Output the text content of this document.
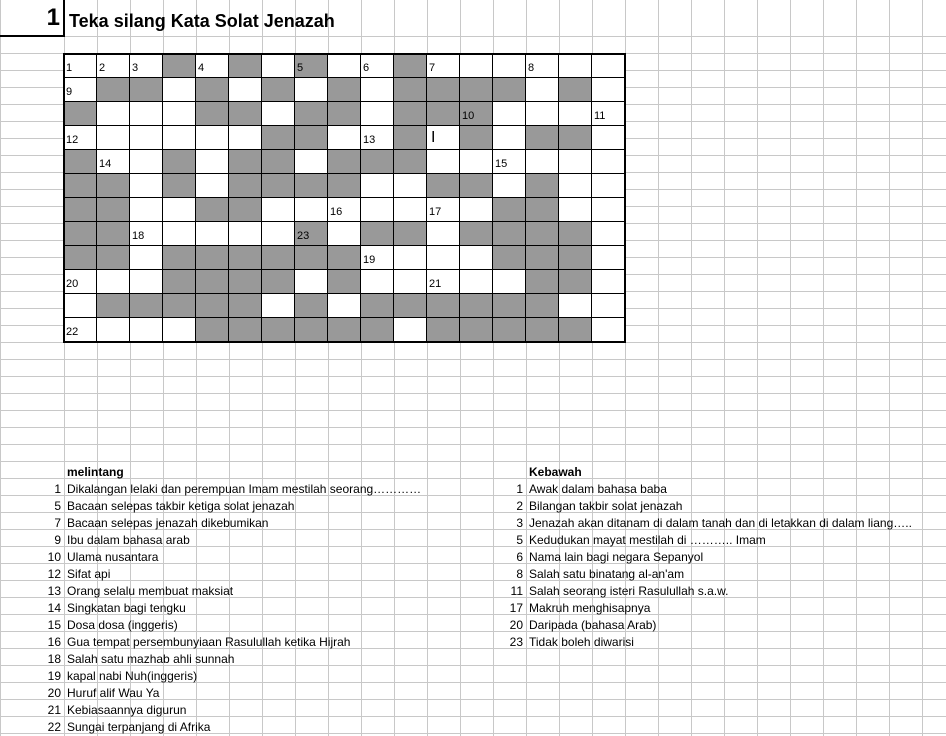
1 Teka silang Kata Solat Jenazah
1 2 3	4	5	6	7	8
9
10	11
12	13
14	15
16	17
18	23
19
20	21
22
I
melintang
1 Dikalangan lelaki dan perempuan Imam mestilah seorang…………
5 Bacaan selepas takbir ketiga solat jenazah
7 Bacaan selepas jenazah dikebumikan
9 Ibu dalam bahasa arab
10 Ulama nusantara
12 Sifat api
13 Orang selalu membuat maksiat
14 Singkatan bagi tengku
15 Dosa dosa (inggeris)
16 Gua tempat persembunyiaan Rasulullah ketika Hijrah
18 Salah satu mazhab ahli sunnah
19 kapal nabi Nuh(inggeris)
20 Huruf alif Wau Ya
21 Kebiasaannya digurun
22 Sungai terpanjang di Afrika
Kebawah
1 Awak dalam bahasa baba
2 Bilangan takbir solat jenazah
3 Jenazah akan ditanam di dalam tanah dan di letakkan di dalam liang…..
5 Kedudukan mayat mestilah di ……….. Imam
6 Nama lain bagi negara Sepanyol
8 Salah satu binatang al-an'am
11 Salah seorang isteri Rasulullah s.a.w.
17 Makruh menghisapnya
20 Daripada (bahasa Arab)
23 Tidak boleh diwarisi
